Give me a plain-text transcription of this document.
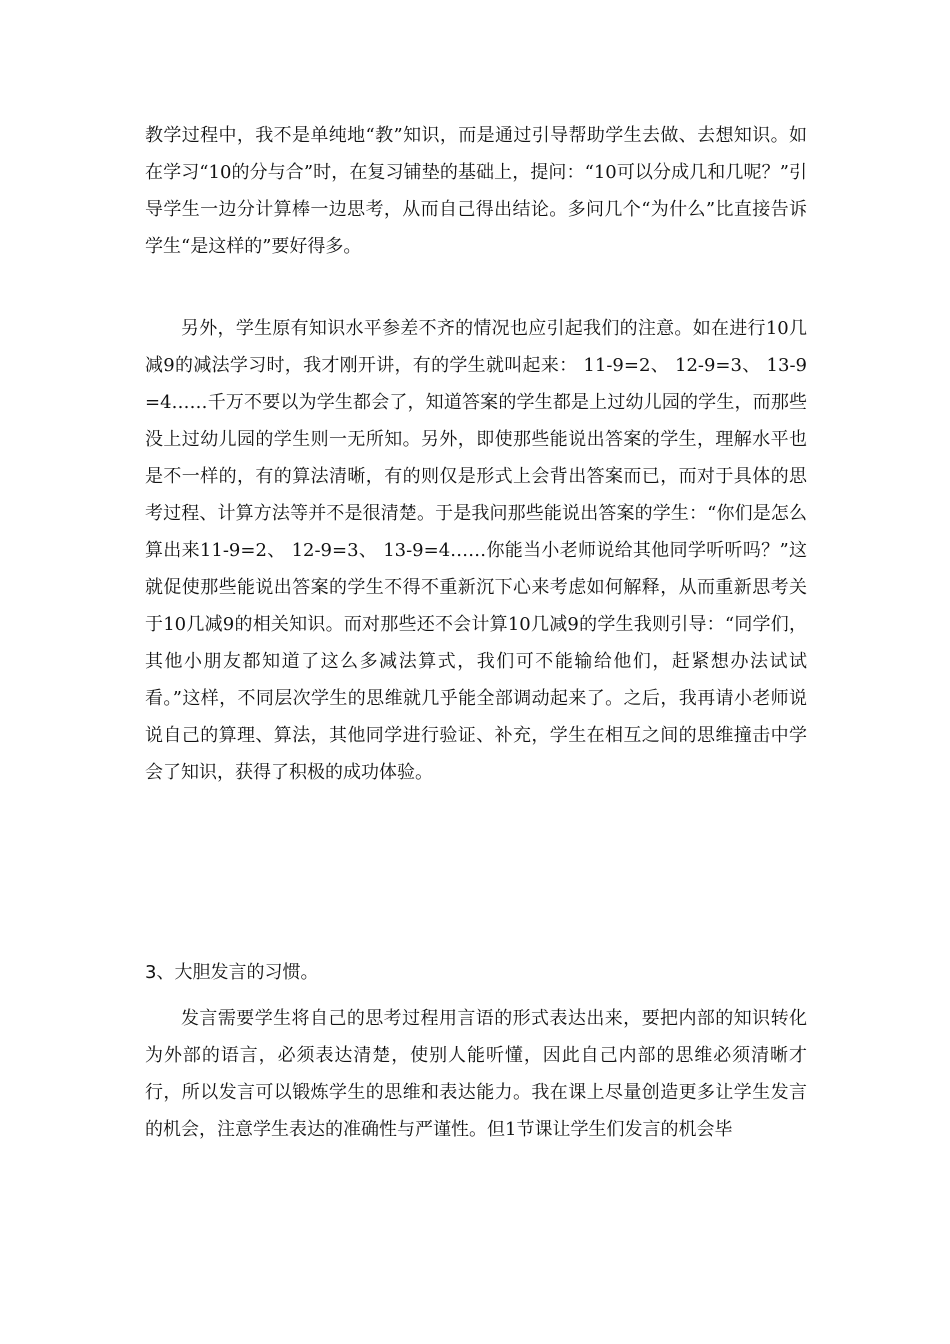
教学过程中，我不是单纯地“教”知识，而是通过引导帮助学生去做、去想知识。如在学习“10的分与合”时，在复习铺垫的基础上，提问：“10可以分成几和几呢？”引导学生一边分计算棒一边思考，从而自己得出结论。多问几个“为什么”比直接告诉学生“是这样的”要好得多。

另外，学生原有知识水平参差不齐的情况也应引起我们的注意。如在进行10几减9的减法学习时，我才刚开讲，有的学生就叫起来： 11-9=2、 12-9=3、 13-9=4……千万不要以为学生都会了，知道答案的学生都是上过幼儿园的学生，而那些没上过幼儿园的学生则一无所知。另外，即使那些能说出答案的学生，理解水平也是不一样的，有的算法清晰，有的则仅是形式上会背出答案而已，而对于具体的思考过程、计算方法等并不是很清楚。于是我问那些能说出答案的学生：“你们是怎么算出来11-9=2、 12-9=3、 13-9=4……你能当小老师说给其他同学听听吗？”这就促使那些能说出答案的学生不得不重新沉下心来考虑如何解释，从而重新思考关于10几减9的相关知识。而对那些还不会计算10几减9的学生我则引导：“同学们，其他小朋友都知道了这么多减法算式，我们可不能输给他们，赶紧想办法试试看。”这样，不同层次学生的思维就几乎能全部调动起来了。之后，我再请小老师说说自己的算理、算法，其他同学进行验证、补充，学生在相互之间的思维撞击中学会了知识，获得了积极的成功体验。

3、大胆发言的习惯。

发言需要学生将自己的思考过程用言语的形式表达出来，要把内部的知识转化为外部的语言，必须表达清楚，使别人能听懂，因此自己内部的思维必须清晰才行，所以发言可以锻炼学生的思维和表达能力。我在课上尽量创造更多让学生发言的机会，注意学生表达的准确性与严谨性。但1节课让学生们发言的机会毕
